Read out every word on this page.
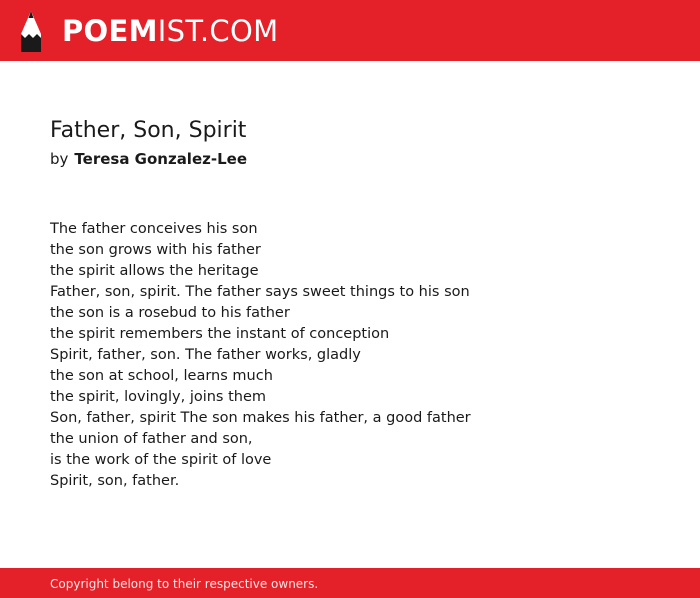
POEMIST.COM
Father, Son, Spirit
by Teresa Gonzalez-Lee
The father conceives his son
the son grows with his father
the spirit allows the heritage
Father, son, spirit. The father says sweet things to his son
the son is a rosebud to his father
the spirit remembers the instant of conception
Spirit, father, son. The father works, gladly
the son at school, learns much
the spirit, lovingly, joins them
Son, father, spirit The son makes his father, a good father
the union of father and son,
is the work of the spirit of love
Spirit, son, father.
Copyright belong to their respective owners.
